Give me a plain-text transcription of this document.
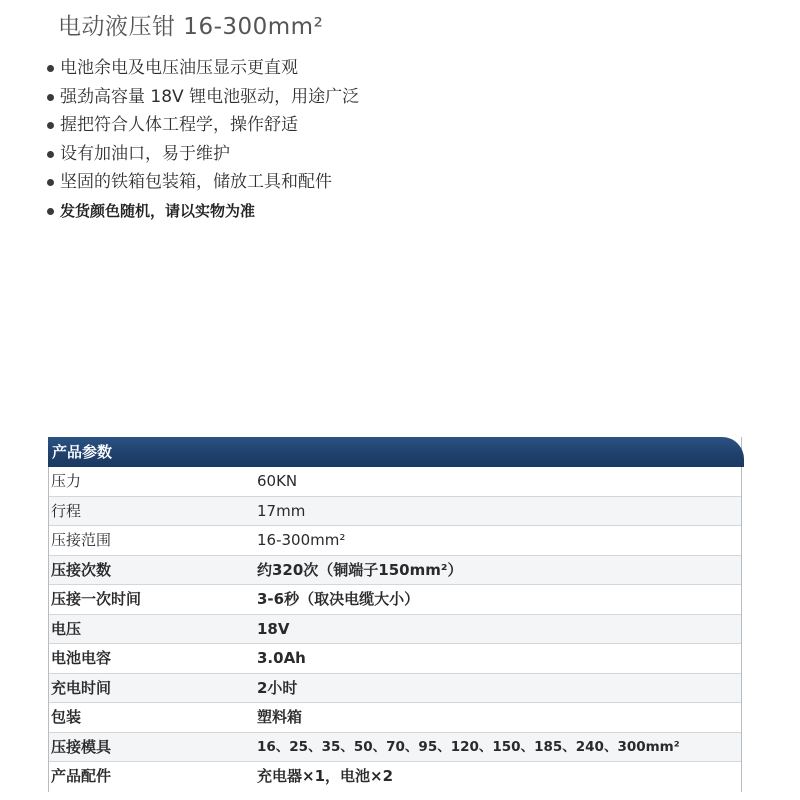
电动液压钳 16-300mm²
电池余电及电压油压显示更直观
强劲高容量 18V 锂电池驱动，用途广泛
握把符合人体工程学，操作舒适
设有加油口，易于维护
坚固的铁箱包装箱，储放工具和配件
发货颜色随机，请以实物为准
产品参数
压力	60KN
行程	17mm
压接范围	16-300mm²
压接次数	约320次（铜端子150mm²）
压接一次时间	3-6秒（取决电缆大小）
电压	18V
电池电容	3.0Ah
充电时间	2小时
包装	塑料箱
压接模具	16、25、35、50、70、95、120、150、185、240、300mm²
产品配件	充电器×1，电池×2
